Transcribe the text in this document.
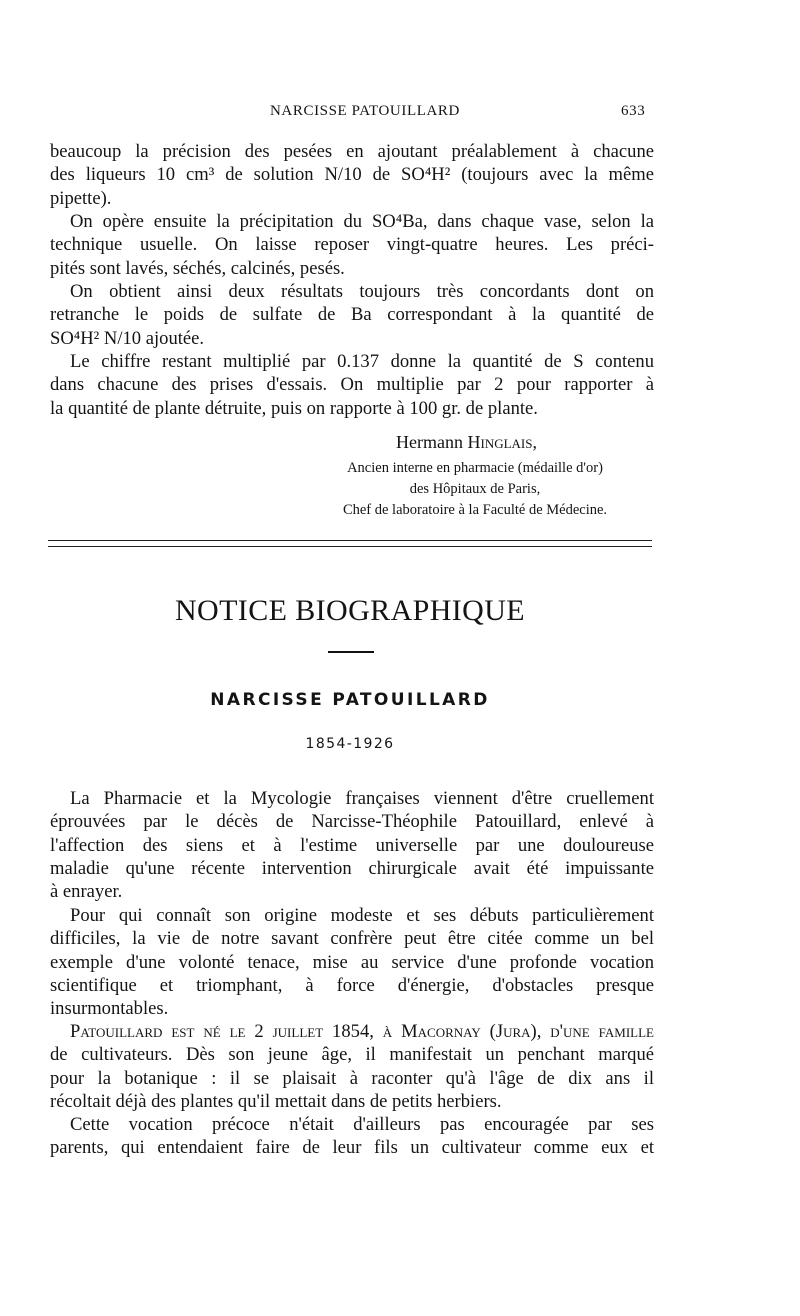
NARCISSE PATOUILLARD	633
beaucoup la précision des pesées en ajoutant préalablement à chacune
des liqueurs 10 cm³ de solution N/10 de SO⁴H² (toujours avec la même
pipette).
On opère ensuite la précipitation du SO⁴Ba, dans chaque vase, selon la
technique usuelle. On laisse reposer vingt-quatre heures. Les préci-
pités sont lavés, séchés, calcinés, pesés.
On obtient ainsi deux résultats toujours très concordants dont on
retranche le poids de sulfate de Ba correspondant à la quantité de
SO⁴H² N/10 ajoutée.
Le chiffre restant multiplié par 0.137 donne la quantité de S contenu
dans chacune des prises d'essais. On multiplie par 2 pour rapporter à
la quantité de plante détruite, puis on rapporte à 100 gr. de plante.
Hermann Hinglais,
Ancien interne en pharmacie (médaille d'or)
des Hôpitaux de Paris,
Chef de laboratoire à la Faculté de Médecine.
NOTICE BIOGRAPHIQUE
NARCISSE PATOUILLARD
1854-1926
La Pharmacie et la Mycologie françaises viennent d'être cruellement
éprouvées par le décès de Narcisse-Théophile Patouillard, enlevé à
l'affection des siens et à l'estime universelle par une douloureuse
maladie qu'une récente intervention chirurgicale avait été impuissante
à enrayer.
Pour qui connaît son origine modeste et ses débuts particulièrement
difficiles, la vie de notre savant confrère peut être citée comme un bel
exemple d'une volonté tenace, mise au service d'une profonde vocation
scientifique et triomphant, à force d'énergie, d'obstacles presque
insurmontables.
Patouillard est né le 2 juillet 1854, à Macornay (Jura), d'une famille
de cultivateurs. Dès son jeune âge, il manifestait un penchant marqué
pour la botanique : il se plaisait à raconter qu'à l'âge de dix ans il
récoltait déjà des plantes qu'il mettait dans de petits herbiers.
Cette vocation précoce n'était d'ailleurs pas encouragée par ses
parents, qui entendaient faire de leur fils un cultivateur comme eux et
